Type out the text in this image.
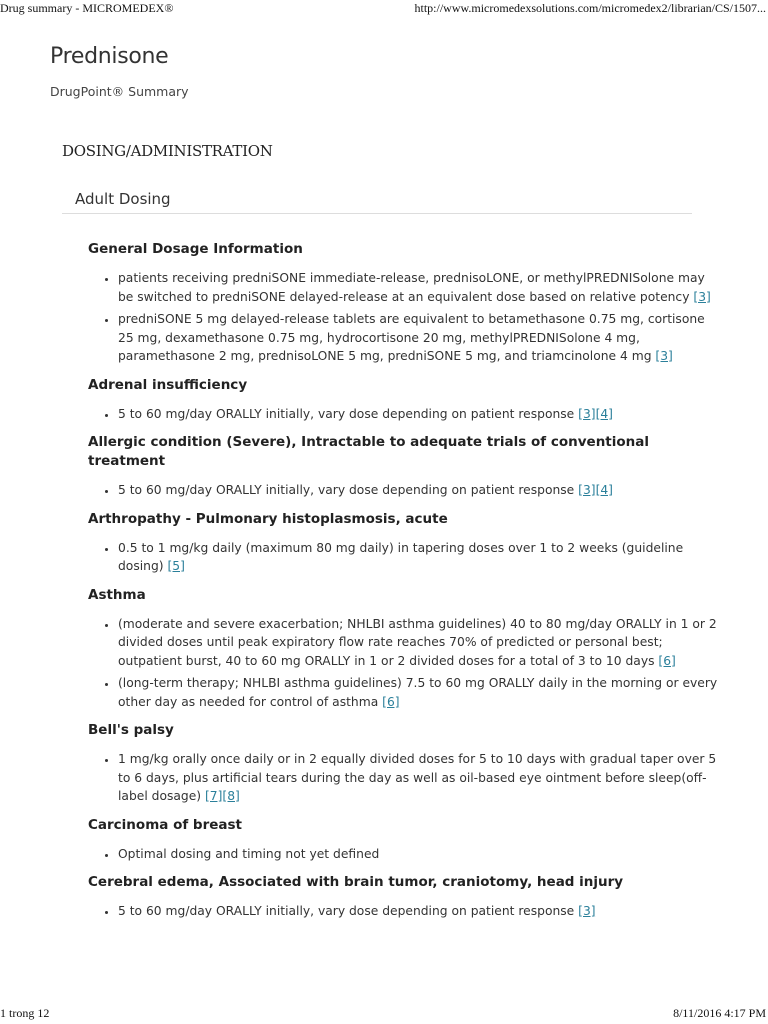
Drug summary - MICROMEDEX®	http://www.micromedexsolutions.com/micromedex2/librarian/CS/1507...
Prednisone
DrugPoint® Summary
DOSING/ADMINISTRATION
Adult Dosing
General Dosage Information
• patients receiving predniSONE immediate-release, prednisoLONE, or methylPREDNISolone may be switched to predniSONE delayed-release at an equivalent dose based on relative potency [3]
• predniSONE 5 mg delayed-release tablets are equivalent to betamethasone 0.75 mg, cortisone 25 mg, dexamethasone 0.75 mg, hydrocortisone 20 mg, methylPREDNISolone 4 mg, paramethasone 2 mg, prednisoLONE 5 mg, predniSONE 5 mg, and triamcinolone 4 mg [3]
Adrenal insufficiency
• 5 to 60 mg/day ORALLY initially, vary dose depending on patient response [3][4]
Allergic condition (Severe), Intractable to adequate trials of conventional treatment
• 5 to 60 mg/day ORALLY initially, vary dose depending on patient response [3][4]
Arthropathy - Pulmonary histoplasmosis, acute
• 0.5 to 1 mg/kg daily (maximum 80 mg daily) in tapering doses over 1 to 2 weeks (guideline dosing) [5]
Asthma
• (moderate and severe exacerbation; NHLBI asthma guidelines) 40 to 80 mg/day ORALLY in 1 or 2 divided doses until peak expiratory flow rate reaches 70% of predicted or personal best; outpatient burst, 40 to 60 mg ORALLY in 1 or 2 divided doses for a total of 3 to 10 days [6]
• (long-term therapy; NHLBI asthma guidelines) 7.5 to 60 mg ORALLY daily in the morning or every other day as needed for control of asthma [6]
Bell's palsy
• 1 mg/kg orally once daily or in 2 equally divided doses for 5 to 10 days with gradual taper over 5 to 6 days, plus artificial tears during the day as well as oil-based eye ointment before sleep(off-label dosage) [7][8]
Carcinoma of breast
• Optimal dosing and timing not yet defined
Cerebral edema, Associated with brain tumor, craniotomy, head injury
• 5 to 60 mg/day ORALLY initially, vary dose depending on patient response [3]
1 trong 12	8/11/2016 4:17 PM
